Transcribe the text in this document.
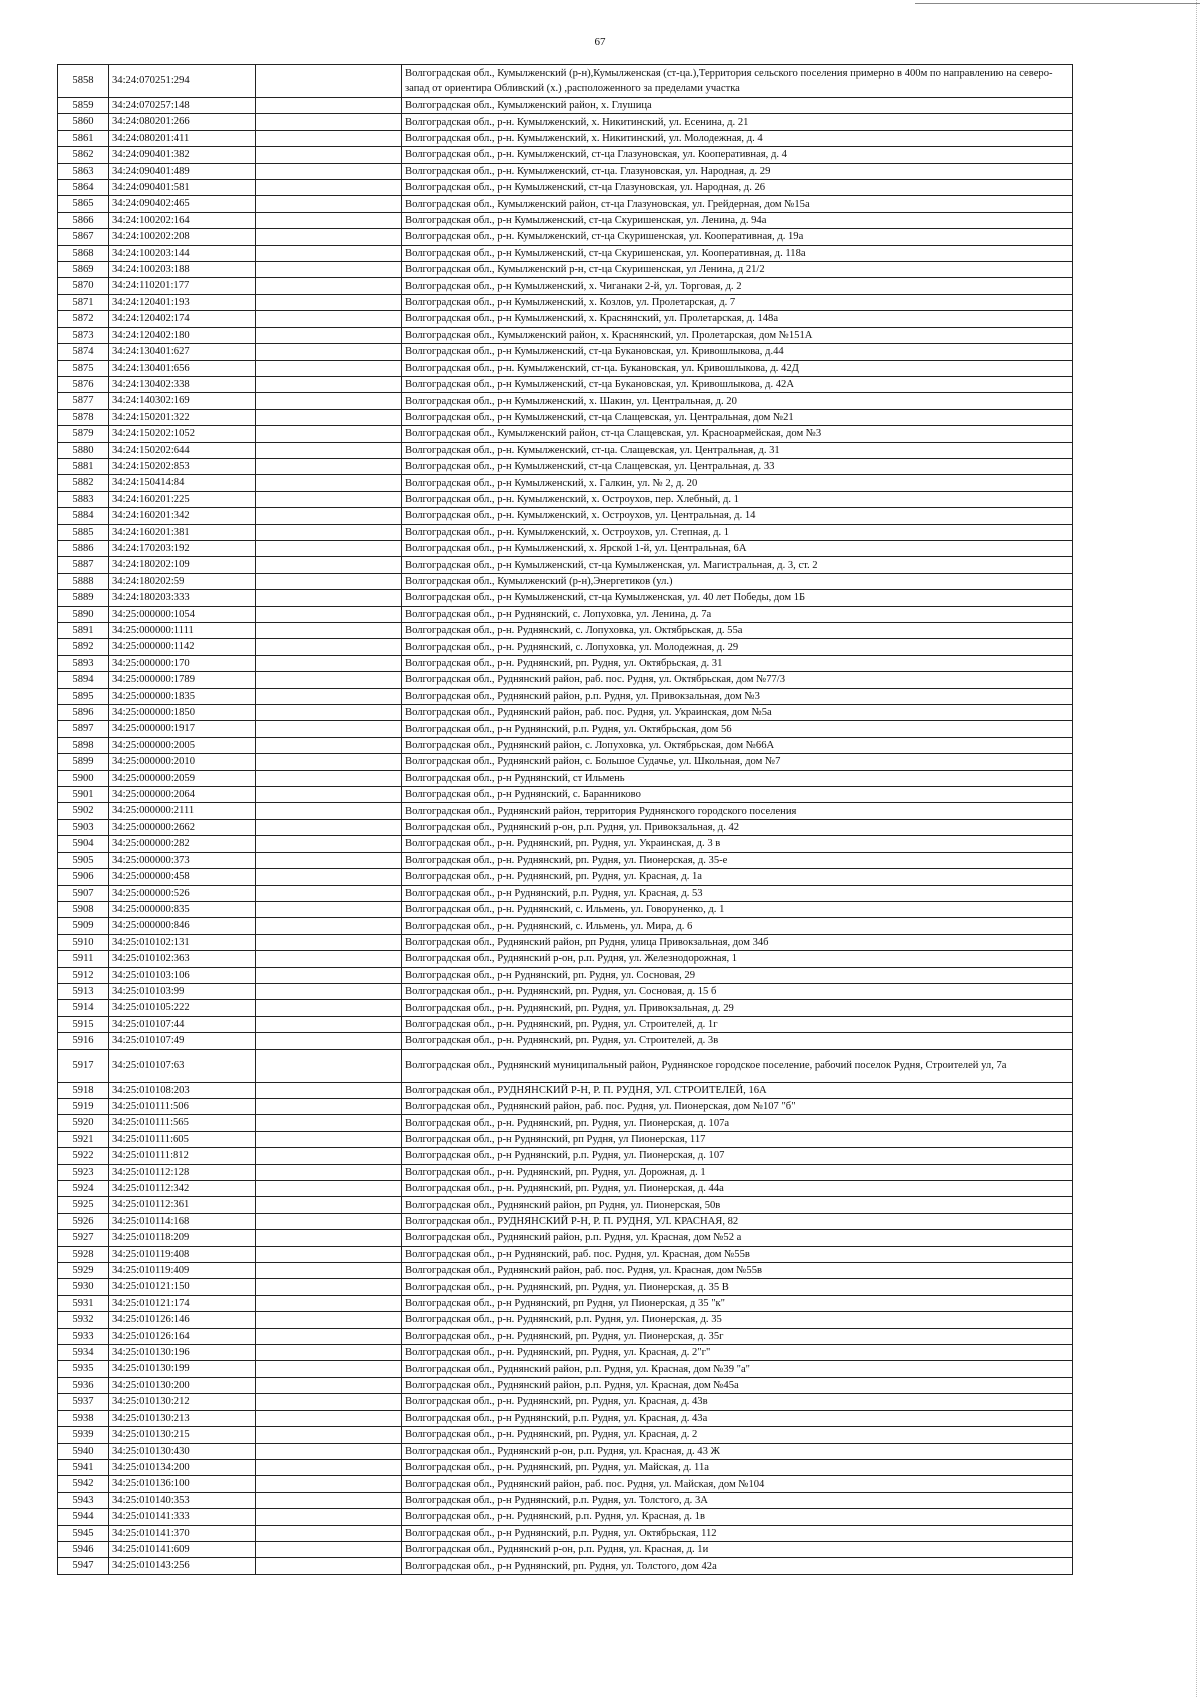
67
5858	34:24:070251:294		Волгоградская обл., Кумылженский (р-н),Кумылженская (ст-ца.),Территория сельского поселения примерно в 400м по направлению на северо-запад от ориентира Обливский (х.) ,расположенного за пределами участка
5859	34:24:070257:148		Волгоградская обл., Кумылженский район, х. Глушица
5860	34:24:080201:266		Волгоградская обл., р-н. Кумылженский, х. Никитинский, ул. Есенина, д. 21
5861	34:24:080201:411		Волгоградская обл., р-н. Кумылженский, х. Никитинский, ул. Молодежная, д. 4
5862	34:24:090401:382		Волгоградская обл., р-н. Кумылженский, ст-ца Глазуновская, ул. Кооперативная, д. 4
5863	34:24:090401:489		Волгоградская обл., р-н. Кумылженский, ст-ца. Глазуновская, ул. Народная, д. 29
5864	34:24:090401:581		Волгоградская обл., р-н Кумылженский, ст-ца Глазуновская, ул. Народная, д. 26
5865	34:24:090402:465		Волгоградская обл., Кумылженский район, ст-ца Глазуновская, ул. Грейдерная, дом №15а
5866	34:24:100202:164		Волгоградская обл., р-н Кумылженский, ст-ца Скуришенская, ул. Ленина, д. 94а
5867	34:24:100202:208		Волгоградская обл., р-н. Кумылженский, ст-ца Скуришенская, ул. Кооперативная, д. 19а
5868	34:24:100203:144		Волгоградская обл., р-н Кумылженский, ст-ца Скуришенская, ул. Кооперативная, д. 118а
5869	34:24:100203:188		Волгоградская обл., Кумылженский р-н, ст-ца Скуришенская, ул Ленина, д 21/2
5870	34:24:110201:177		Волгоградская обл., р-н Кумылженский, х. Чиганаки 2-й, ул. Торговая, д. 2
5871	34:24:120401:193		Волгоградская обл., р-н Кумылженский, х. Козлов, ул. Пролетарская, д. 7
5872	34:24:120402:174		Волгоградская обл., р-н Кумылженский, х. Краснянский, ул. Пролетарская, д. 148а
5873	34:24:120402:180		Волгоградская обл., Кумылженский район, х. Краснянский, ул. Пролетарская, дом №151А
5874	34:24:130401:627		Волгоградская обл., р-н Кумылженский, ст-ца Букановская, ул. Кривошлыкова, д.44
5875	34:24:130401:656		Волгоградская обл., р-н. Кумылженский, ст-ца. Букановская, ул. Кривошлыкова, д. 42Д
5876	34:24:130402:338		Волгоградская обл., р-н Кумылженский, ст-ца Букановская, ул. Кривошлыкова, д. 42А
5877	34:24:140302:169		Волгоградская обл., р-н Кумылженский, х. Шакин, ул. Центральная, д. 20
5878	34:24:150201:322		Волгоградская обл., р-н Кумылженский, ст-ца Слащевская, ул. Центральная, дом №21
5879	34:24:150202:1052		Волгоградская обл., Кумылженский район, ст-ца Слащевская, ул. Красноармейская, дом №3
5880	34:24:150202:644		Волгоградская обл., р-н. Кумылженский, ст-ца. Слащевская, ул. Центральная, д. 31
5881	34:24:150202:853		Волгоградская обл., р-н Кумылженский, ст-ца Слащевская, ул. Центральная, д. 33
5882	34:24:150414:84		Волгоградская обл., р-н Кумылженский, х. Галкин, ул. № 2, д. 20
5883	34:24:160201:225		Волгоградская обл., р-н. Кумылженский, х. Остроухов, пер. Хлебный, д. 1
5884	34:24:160201:342		Волгоградская обл., р-н. Кумылженский, х. Остроухов, ул. Центральная, д. 14
5885	34:24:160201:381		Волгоградская обл., р-н. Кумылженский, х. Остроухов, ул. Степная, д. 1
5886	34:24:170203:192		Волгоградская обл., р-н Кумылженский, х. Ярской 1-й, ул. Центральная, 6А
5887	34:24:180202:109		Волгоградская обл., р-н Кумылженский, ст-ца Кумылженская, ул. Магистральная, д. 3, ст. 2
5888	34:24:180202:59		Волгоградская обл., Кумылженский (р-н),Энергетиков (ул.)
5889	34:24:180203:333		Волгоградская обл., р-н Кумылженский, ст-ца Кумылженская, ул. 40 лет Победы, дом 1Б
5890	34:25:000000:1054		Волгоградская обл., р-н Руднянский, с. Лопуховка, ул. Ленина, д. 7а
5891	34:25:000000:1111		Волгоградская обл., р-н. Руднянский, с. Лопуховка, ул. Октябрьская, д. 55а
5892	34:25:000000:1142		Волгоградская обл., р-н. Руднянский, с. Лопуховка, ул. Молодежная, д. 29
5893	34:25:000000:170		Волгоградская обл., р-н. Руднянский, рп. Рудня, ул. Октябрьская, д. 31
5894	34:25:000000:1789		Волгоградская обл., Руднянский район, раб. пос. Рудня, ул. Октябрьская, дом №77/3
5895	34:25:000000:1835		Волгоградская обл., Руднянский район, р.п. Рудня, ул. Привокзальная, дом №3
5896	34:25:000000:1850		Волгоградская обл., Руднянский район, раб. пос. Рудня, ул. Украинская, дом №5а
5897	34:25:000000:1917		Волгоградская обл., р-н Руднянский, р.п. Рудня, ул. Октябрьская, дом 56
5898	34:25:000000:2005		Волгоградская обл., Руднянский район, с. Лопуховка, ул. Октябрьская, дом №66А
5899	34:25:000000:2010		Волгоградская обл., Руднянский район, с. Большое Судачье, ул. Школьная, дом №7
5900	34:25:000000:2059		Волгоградская обл., р-н Руднянский, ст Ильмень
5901	34:25:000000:2064		Волгоградская обл., р-н Руднянский, с. Баранниково
5902	34:25:000000:2111		Волгоградская обл., Руднянский район, территория Руднянского городского поселения
5903	34:25:000000:2662		Волгоградская обл., Руднянский р-он, р.п. Рудня, ул. Привокзальная, д. 42
5904	34:25:000000:282		Волгоградская обл., р-н. Руднянский, рп. Рудня, ул. Украинская, д. 3 в
5905	34:25:000000:373		Волгоградская обл., р-н. Руднянский, рп. Рудня, ул. Пионерская, д. 35-е
5906	34:25:000000:458		Волгоградская обл., р-н. Руднянский, рп. Рудня, ул. Красная, д. 1а
5907	34:25:000000:526		Волгоградская обл., р-н Руднянский, р.п. Рудня, ул. Красная, д. 53
5908	34:25:000000:835		Волгоградская обл., р-н. Руднянский, с. Ильмень, ул. Говоруненко, д. 1
5909	34:25:000000:846		Волгоградская обл., р-н. Руднянский, с. Ильмень, ул. Мира, д. 6
5910	34:25:010102:131		Волгоградская обл., Руднянский район, рп Рудня, улица Привокзальная, дом 34б
5911	34:25:010102:363		Волгоградская обл., Руднянский р-он, р.п. Рудня, ул. Железнодорожная, 1
5912	34:25:010103:106		Волгоградская обл., р-н Руднянский, рп. Рудня, ул. Сосновая, 29
5913	34:25:010103:99		Волгоградская обл., р-н. Руднянский, рп. Рудня, ул. Сосновая, д. 15 б
5914	34:25:010105:222		Волгоградская обл., р-н. Руднянский, рп. Рудня, ул. Привокзальная, д. 29
5915	34:25:010107:44		Волгоградская обл., р-н. Руднянский, рп. Рудня, ул. Строителей, д. 1г
5916	34:25:010107:49		Волгоградская обл., р-н. Руднянский, рп. Рудня, ул. Строителей, д. 3в
5917	34:25:010107:63		Волгоградская обл., Руднянский муниципальный район, Руднянское городское поселение, рабочий поселок Рудня, Строителей ул, 7а
5918	34:25:010108:203		Волгоградская обл., РУДНЯНСКИЙ Р-Н, Р. П. РУДНЯ, УЛ. СТРОИТЕЛЕЙ, 16А
5919	34:25:010111:506		Волгоградская обл., Руднянский район, раб. пос. Рудня, ул. Пионерская, дом №107 "б"
5920	34:25:010111:565		Волгоградская обл., р-н. Руднянский, рп. Рудня, ул. Пионерская, д. 107а
5921	34:25:010111:605		Волгоградская обл., р-н Руднянский, рп Рудня, ул Пионерская, 117
5922	34:25:010111:812		Волгоградская обл., р-н Руднянский, р.п. Рудня, ул. Пионерская, д. 107
5923	34:25:010112:128		Волгоградская обл., р-н. Руднянский, рп. Рудня, ул. Дорожная, д. 1
5924	34:25:010112:342		Волгоградская обл., р-н. Руднянский, рп. Рудня, ул. Пионерская, д. 44а
5925	34:25:010112:361		Волгоградская обл., Руднянский район, рп Рудня, ул. Пионерская, 50в
5926	34:25:010114:168		Волгоградская обл., РУДНЯНСКИЙ Р-Н, Р. П. РУДНЯ, УЛ. КРАСНАЯ, 82
5927	34:25:010118:209		Волгоградская обл., Руднянский район, р.п. Рудня, ул. Красная, дом №52 а
5928	34:25:010119:408		Волгоградская обл., р-н Руднянский, раб. пос. Рудня, ул. Красная, дом №55в
5929	34:25:010119:409		Волгоградская обл., Руднянский район, раб. пос. Рудня, ул. Красная, дом №55в
5930	34:25:010121:150		Волгоградская обл., р-н. Руднянский, рп. Рудня, ул. Пионерская, д. 35 В
5931	34:25:010121:174		Волгоградская обл., р-н Руднянский, рп Рудня, ул Пионерская, д 35 "к"
5932	34:25:010126:146		Волгоградская обл., р-н. Руднянский, р.п. Рудня, ул. Пионерская, д. 35
5933	34:25:010126:164		Волгоградская обл., р-н. Руднянский, рп. Рудня, ул. Пионерская, д. 35г
5934	34:25:010130:196		Волгоградская обл., р-н. Руднянский, рп. Рудня, ул. Красная, д. 2"г"
5935	34:25:010130:199		Волгоградская обл., Руднянский район, р.п. Рудня, ул. Красная, дом №39 "а"
5936	34:25:010130:200		Волгоградская обл., Руднянский район, р.п. Рудня, ул. Красная, дом №45а
5937	34:25:010130:212		Волгоградская обл., р-н. Руднянский, рп. Рудня, ул. Красная, д. 43в
5938	34:25:010130:213		Волгоградская обл., р-н Руднянский, р.п. Рудня, ул. Красная, д. 43а
5939	34:25:010130:215		Волгоградская обл., р-н. Руднянский, рп. Рудня, ул. Красная, д. 2
5940	34:25:010130:430		Волгоградская обл., Руднянский р-он, р.п. Рудня, ул. Красная, д. 43 Ж
5941	34:25:010134:200		Волгоградская обл., р-н. Руднянский, рп. Рудня, ул. Майская, д. 11а
5942	34:25:010136:100		Волгоградская обл., Руднянский район, раб. пос. Рудня, ул. Майская, дом №104
5943	34:25:010140:353		Волгоградская обл., р-н Руднянский, р.п. Рудня, ул. Толстого, д. 3А
5944	34:25:010141:333		Волгоградская обл., р-н. Руднянский, р.п. Рудня, ул. Красная, д. 1в
5945	34:25:010141:370		Волгоградская обл., р-н Руднянский, р.п. Рудня, ул. Октябрьская, 112
5946	34:25:010141:609		Волгоградская обл., Руднянский р-он, р.п. Рудня, ул. Красная, д. 1и
5947	34:25:010143:256		Волгоградская обл., р-н Руднянский, рп. Рудня, ул. Толстого, дом 42а
